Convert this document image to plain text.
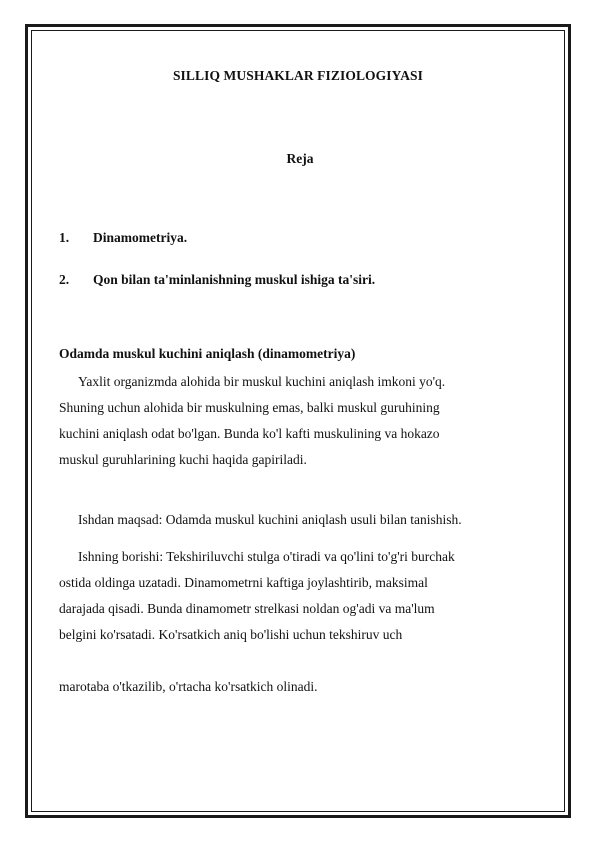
SILLIQ MUSHAKLAR FIZIOLOGIYASI
Reja
1. Dinamometriya.
2. Qon bilan ta'minlanishning muskul ishiga ta'siri.
Odamda muskul kuchini aniqlash (dinamometriya)
Yaxlit organizmda alohida bir muskul kuchini aniqlash imkoni yo'q.
Shuning uchun alohida bir muskulning emas, balki muskul guruhining
kuchini aniqlash odat bo'lgan. Bunda ko'l kafti muskulining va hokazo
muskul guruhlarining kuchi haqida gapiriladi.
Ishdan maqsad: Odamda muskul kuchini aniqlash usuli bilan tanishish.
Ishning borishi: Tekshiriluvchi stulga o'tiradi va qo'lini to'g'ri burchak
ostida oldinga uzatadi. Dinamometrni kaftiga joylashtirib, maksimal
darajada qisadi. Bunda dinamometr strelkasi noldan og'adi va ma'lum
belgini ko'rsatadi. Ko'rsatkich aniq bo'lishi uchun tekshiruv uch
marotaba o'tkazilib, o'rtacha ko'rsatkich olinadi.
